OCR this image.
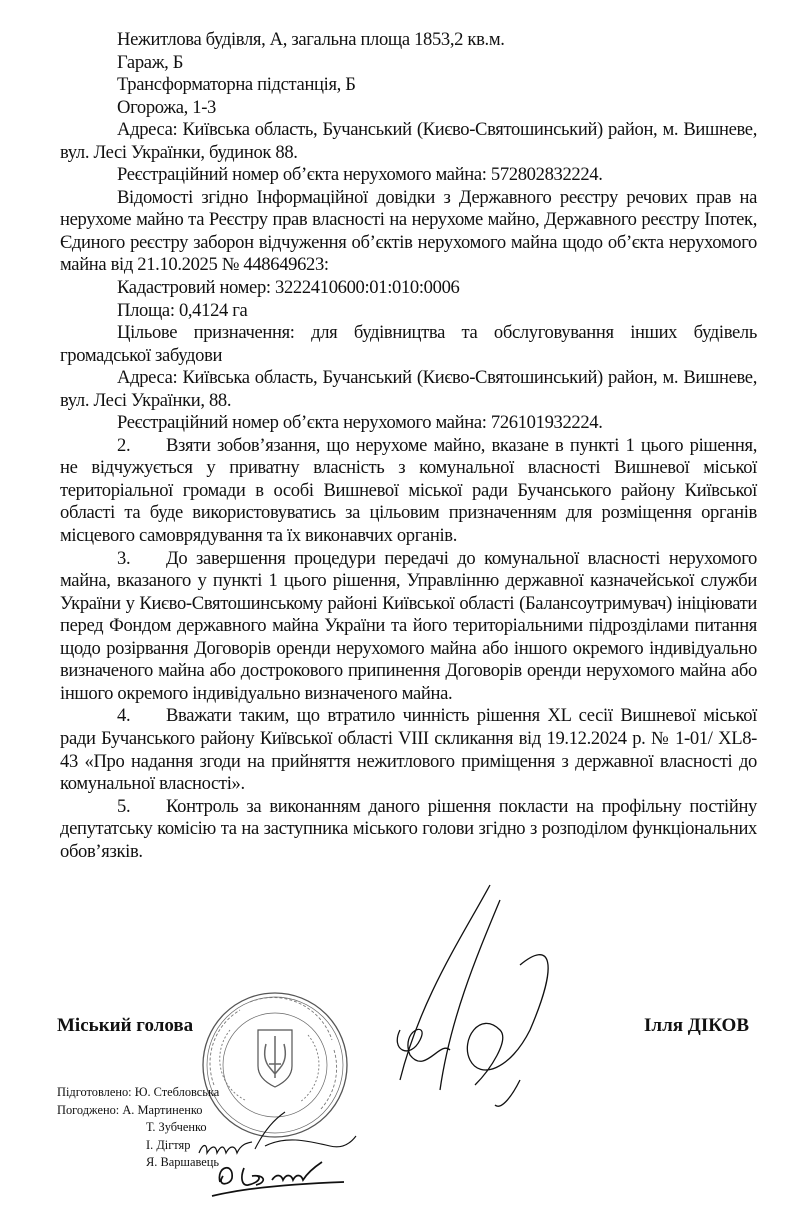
Нежитлова будівля, А, загальна площа 1853,2 кв.м.

Гараж, Б

Трансформаторна підстанція, Б

Огорожа, 1-3

Адреса: Київська область, Бучанський (Києво-Святошинський) район, м. Вишневе, вул. Лесі Українки, будинок 88.

Реєстраційний номер об’єкта нерухомого майна: 572802832224.

Відомості згідно Інформаційної довідки з Державного реєстру речових прав на нерухоме майно та Реєстру прав власності на нерухоме майно, Державного реєстру Іпотек, Єдиного реєстру заборон відчуження об’єктів нерухомого майна щодо об’єкта нерухомого майна від 21.10.2025 № 448649623:

Кадастровий номер: 3222410600:01:010:0006

Площа: 0,4124 га

Цільове призначення: для будівництва та обслуговування інших будівель громадської забудови

Адреса: Київська область, Бучанський (Києво-Святошинський) район, м. Вишневе, вул. Лесі Українки, 88.

Реєстраційний номер об’єкта нерухомого майна: 726101932224.

2. Взяти зобов’язання, що нерухоме майно, вказане в пункті 1 цього рішення, не відчужується у приватну власність з комунальної власності Вишневої міської територіальної громади в особі Вишневої міської ради Бучанського району Київської області та буде використовуватись за цільовим призначенням для розміщення органів місцевого самоврядування та їх виконавчих органів.

3. До завершення процедури передачі до комунальної власності нерухомого майна, вказаного у пункті 1 цього рішення, Управлінню державної казначейської служби України у Києво-Святошинському районі Київської області (Балансоутримувач) ініціювати перед Фондом державного майна України та його територіальними підрозділами питання щодо розірвання Договорів оренди нерухомого майна або іншого окремого індивідуально визначеного майна або дострокового припинення Договорів оренди нерухомого майна або іншого окремого індивідуально визначеного майна.

4. Вважати таким, що втратило чинність рішення XL сесії Вишневої міської ради Бучанського району Київської області VIII скликання від 19.12.2024 р. № 1-01/ XL8-43 «Про надання згоди на прийняття нежитлового приміщення з державної власності до комунальної власності».

5. Контроль за виконанням даного рішення покласти на профільну постійну депутатську комісію та на заступника міського голови згідно з розподілом функціональних обов’язків.

Міський голова	Ілля ДІКОВ
Підготовлено: Ю. Стебловська
Погоджено: А. Мартиненко
Т. Зубченко
І. Дігтяр
Я. Варшавець
